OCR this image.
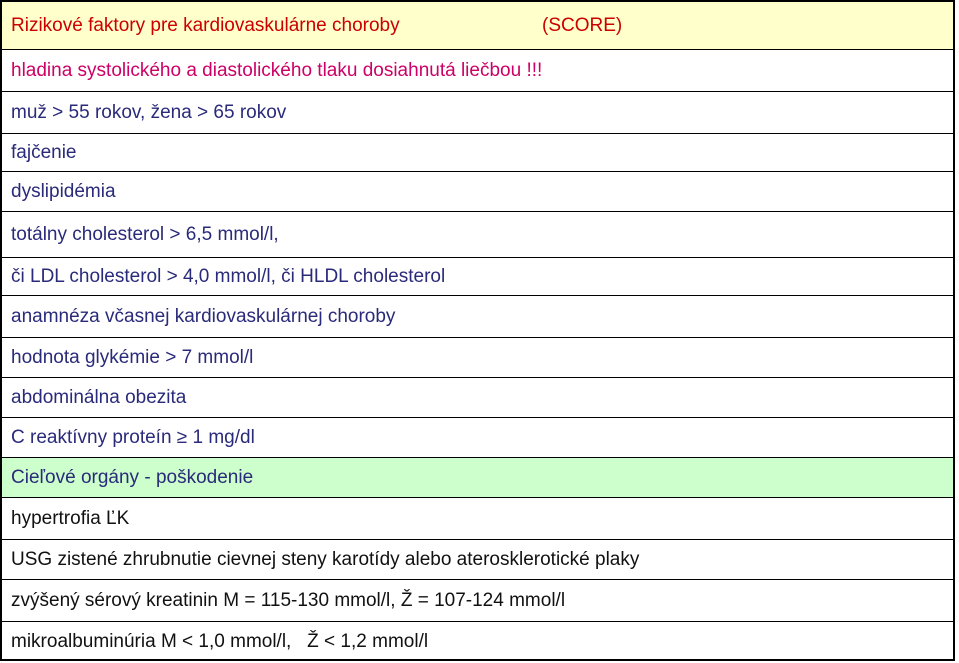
Rizikové faktory pre kardiovaskulárne choroby	(SCORE)
hladina systolického a diastolického tlaku dosiahnutá liečbou !!!
muž > 55 rokov, žena > 65 rokov
fajčenie
dyslipidémia
totálny cholesterol > 6,5 mmol/l,
či LDL cholesterol > 4,0 mmol/l, či HLDL cholesterol
anamnéza včasnej kardiovaskulárnej choroby
hodnota glykémie > 7 mmol/l
abdominálna obezita
C reaktívny proteín ≥ 1 mg/dl
Cieľové orgány - poškodenie
hypertrofia ĽK
USG zistené zhrubnutie cievnej steny karotídy alebo aterosklerotické plaky
zvýšený sérový kreatinin M = 115-130 mmol/l, Ž = 107-124 mmol/l
mikroalbuminúria M < 1,0 mmol/l,   Ž < 1,2 mmol/l
